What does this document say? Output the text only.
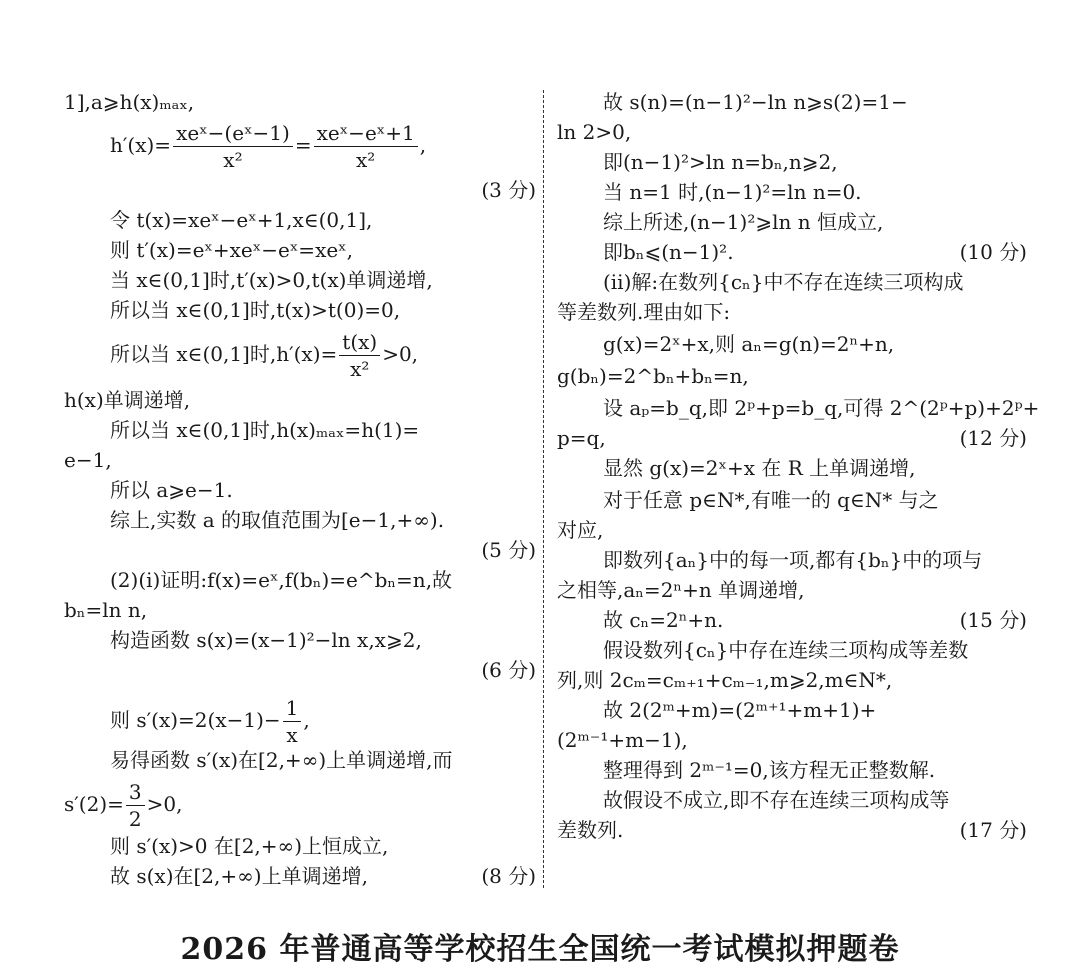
1],a⩾h(x)ₘₐₓ,
$h'(x)= \frac{\text{xeˣ−(eˣ−1)}}{\text{x²}} = \frac{\text{xeˣ−eˣ+1}}{\text{x²}}$ ,
(3 分)
令 t(x)=xeˣ−eˣ+1,x∈(0,1],
则 t′(x)=eˣ+xeˣ−eˣ=xeˣ,
当 x∈(0,1]时,t′(x)>0,t(x)单调递增,
所以当 x∈(0,1]时,t(x)>t(0)=0,
所以当 x∈(0,1]时$,h'(x)= \frac{t(x)}{\text{x²}} >0$,
h(x)单调递增,
所以当 x∈(0,1]时,h(x)ₘₐₓ=h(1)=
e−1,
所以 a⩾e−1.
综上,实数 a 的取值范围为[e−1,+∞).
(5 分)
(2)(ⅰ)证明:f(x)=eˣ,f(bₙ)=e^bₙ=n,故
bₙ=ln n,
构造函数 s(x)=(x−1)²−ln x,x⩾2,
(6 分)
则 $s'(x)=2(x-1)- \frac{1}{x}$ ,
易得函数 s′(x)在[2,+∞)上单调递增,而
$s'(2)= \frac{3}{2} >0$,
则 s′(x)>0 在[2,+∞)上恒成立,
故 s(x)在[2,+∞)上单调递增,	(8 分)
故 s(n)=(n−1)²−ln n⩾s(2)=1−
ln 2>0,
即(n−1)²>ln n=bₙ,n⩾2,
当 n=1 时,(n−1)²=ln n=0.
综上所述,(n−1)²⩾ln n 恒成立,
即bₙ⩽(n−1)².	(10 分)
(ⅱ)解:在数列{cₙ}中不存在连续三项构成
等差数列.理由如下:
g(x)=2ˣ+x,则 aₙ=g(n)=2ⁿ+n,
g(bₙ)=2^bₙ+bₙ=n,
设 aₚ=b_q,即 2ᵖ+p=b_q,可得 2^(2ᵖ+p)+2ᵖ+
p=q,	(12 分)
显然 g(x)=2ˣ+x 在 R 上单调递增,
对于任意 p∈N*,有唯一的 q∈N* 与之
对应,
即数列{aₙ}中的每一项,都有{bₙ}中的项与
之相等,aₙ=2ⁿ+n 单调递增,
故 cₙ=2ⁿ+n.	(15 分)
假设数列{cₙ}中存在连续三项构成等差数
列,则 2cₘ=cₘ₊₁+cₘ₋₁,m⩾2,m∈N*,
故 2(2ᵐ+m)=(2ᵐ⁺¹+m+1)+
(2ᵐ⁻¹+m−1),
整理得到 2ᵐ⁻¹=0,该方程无正整数解.
故假设不成立,即不存在连续三项构成等
差数列.	(17 分)
2026 年普通高等学校招生全国统一考试模拟押题卷
